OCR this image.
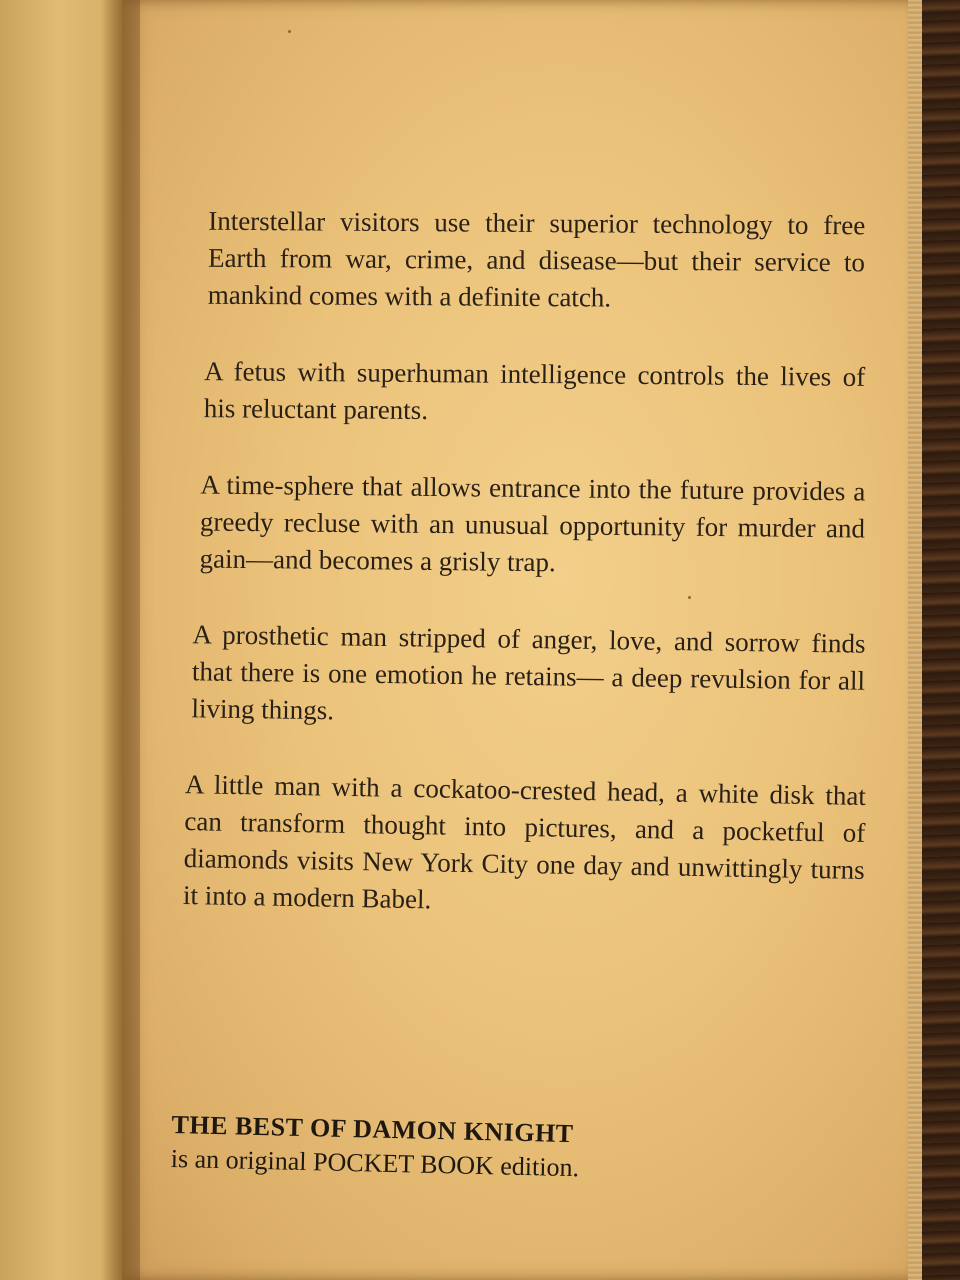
Interstellar visitors use their superior technology to free Earth from war, crime, and disease—but their service to mankind comes with a definite catch.

A fetus with superhuman intelligence controls the lives of his reluctant parents.

A time-sphere that allows entrance into the future provides a greedy recluse with an unusual opportunity for murder and gain—and becomes a grisly trap.

A prosthetic man stripped of anger, love, and sorrow finds that there is one emotion he retains— a deep revulsion for all living things.

A little man with a cockatoo-crested head, a white disk that can transform thought into pictures, and a pocketful of diamonds visits New York City one day and unwittingly turns it into a modern Babel.

THE BEST OF DAMON KNIGHT
is an original POCKET BOOK edition.
